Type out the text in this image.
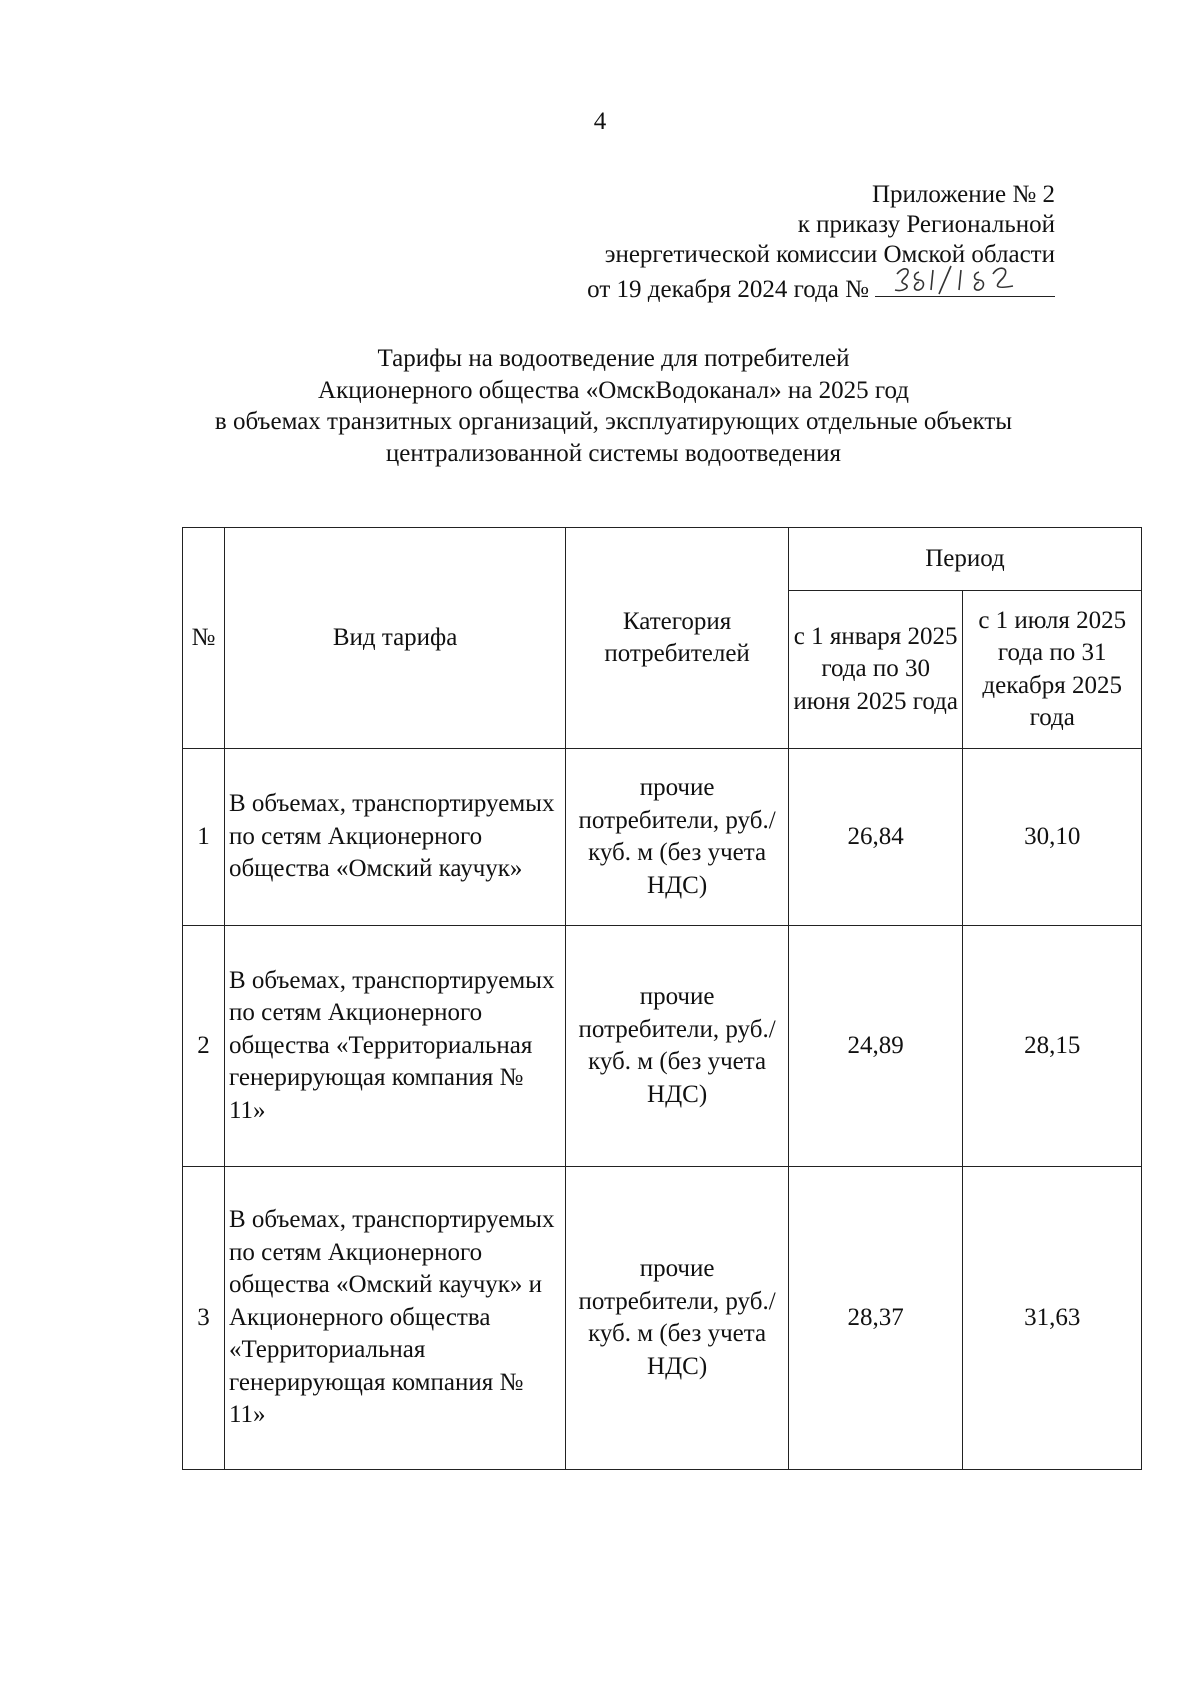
4
Приложение № 2
к приказу Региональной
энергетической комиссии Омской области
от 19 декабря 2024 года №
Тарифы на водоотведение для потребителей
Акционерного общества «ОмскВодоканал» на 2025 год
в объемах транзитных организаций, эксплуатирующих отдельные объекты
централизованной системы водоотведения
№	Вид тарифа	Категория потребителей	Период	
			с 1 января 2025 года по 30 июня 2025 года	с 1 июля 2025 года по 31 декабря 2025 года
1	В объемах, транспортируемых по сетям Акционерного общества «Омский каучук»	прочие потребители, руб./куб. м (без учета НДС)	26,84	30,10
2	В объемах, транспортируемых по сетям Акционерного общества «Территориальная генерирующая компания № 11»	прочие потребители, руб./куб. м (без учета НДС)	24,89	28,15
3	В объемах, транспортируемых по сетям Акционерного общества «Омский каучук» и Акционерного общества «Территориальная генерирующая компания № 11»	прочие потребители, руб./куб. м (без учета НДС)	28,37	31,63
